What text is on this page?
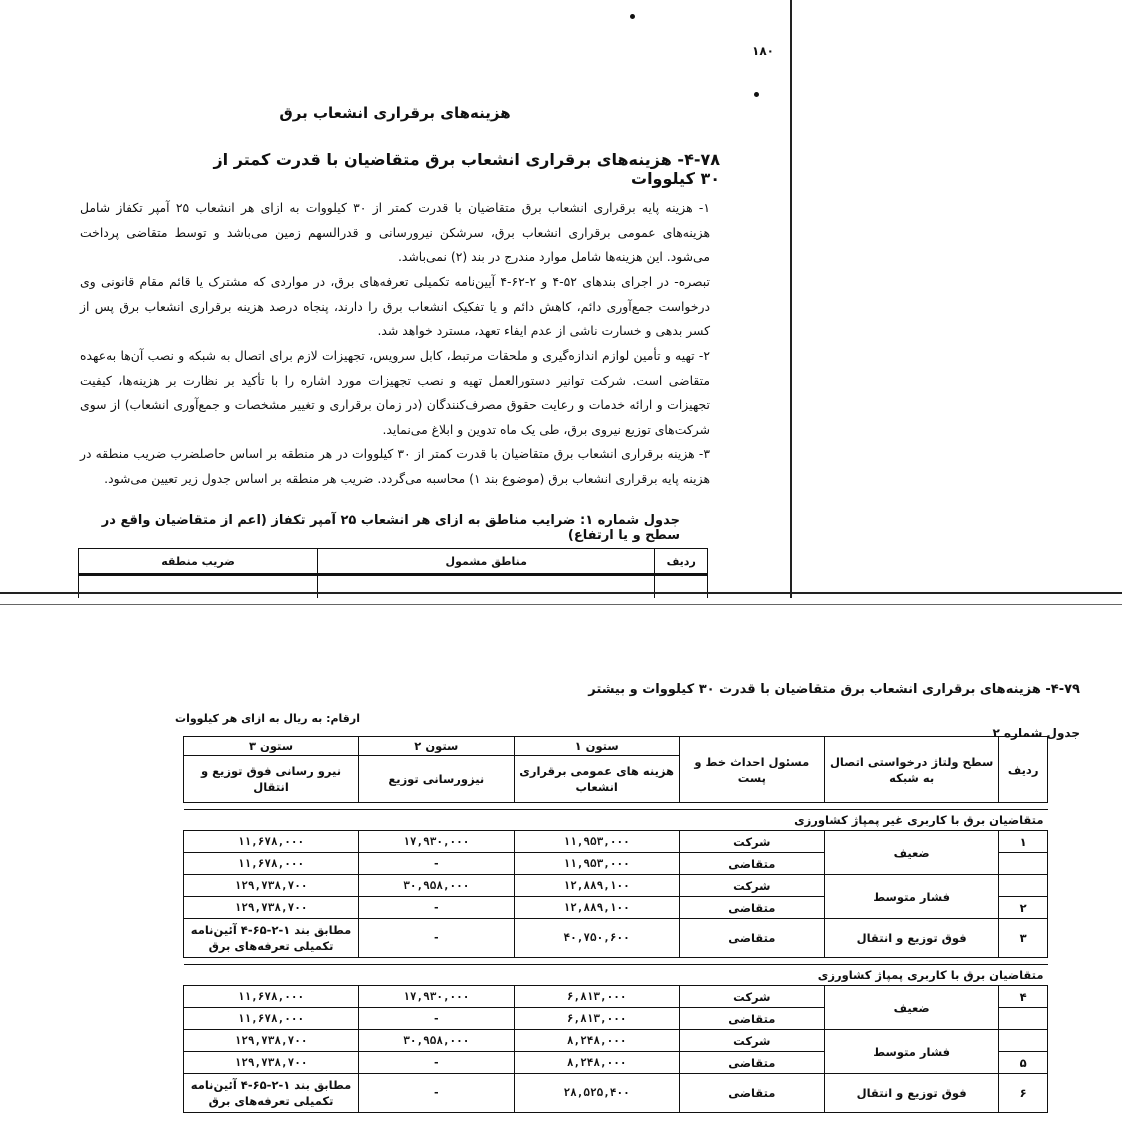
۱۸۰
هزینه‌های برقراری انشعاب برق
۴-۷۸- هزینه‌های برقراری انشعاب برق متقاضیان با قدرت کمتر از ۳۰ کیلووات
۱- هزینه پایه برقراری انشعاب برق متقاضیان با قدرت کمتر از ۳۰ کیلووات به ازای هر انشعاب ۲۵ آمپر تکفاز شامل هزینه‌های عمومی برقراری انشعاب برق، سرشکن نیرورسانی و قدرالسهم زمین می‌باشد و توسط متقاضی پرداخت می‌شود. این هزینه‌ها شامل موارد مندرج در بند (۲) نمی‌باشد.
تبصره- در اجرای بندهای ۵۲-۴ و ۲-۶۲-۴ آیین‌نامه تکمیلی تعرفه‌های برق، در مواردی که مشترک یا قائم مقام قانونی وی درخواست جمع‌آوری دائم، کاهش دائم و یا تفکیک انشعاب برق را دارند، پنجاه درصد هزینه برقراری انشعاب برق پس از کسر بدهی و خسارت ناشی از عدم ایفاء تعهد، مسترد خواهد شد.
۲- تهیه و تأمین لوازم اندازه‌گیری و ملحقات مرتبط، کابل سرویس، تجهیزات لازم برای اتصال به شبکه و نصب آن‌ها به‌عهده متقاضی است. شرکت توانیر دستورالعمل تهیه و نصب تجهیزات مورد اشاره را با تأکید بر نظارت بر هزینه‌ها، کیفیت تجهیزات و ارائه خدمات و رعایت حقوق مصرف‌کنندگان (در زمان برقراری و تغییر مشخصات و جمع‌آوری انشعاب) از سوی شرکت‌های توزیع نیروی برق، طی یک ماه تدوین و ابلاغ می‌نماید.
۳- هزینه برقراری انشعاب برق متقاضیان با قدرت کمتر از ۳۰ کیلووات در هر منطقه بر اساس حاصلضرب ضریب منطقه در هزینه پایه برقراری انشعاب برق (موضوع بند ۱) محاسبه می‌گردد. ضریب هر منطقه بر اساس جدول زیر تعیین می‌شود.
جدول شماره ۱: ضرایب مناطق به ازای هر انشعاب ۲۵ آمپر تکفاز (اعم از متقاضیان واقع در سطح و یا ارتفاع)
ضریب منطقه	مناطق مشمول	ردیف

۴-۷۹- هزینه‌های برقراری انشعاب برق متقاضیان با قدرت ۳۰ کیلووات و بیشتر
ارقام: به ریال به ازای هر کیلووات
جدول شماره ۲
ردیف	سطح ولتاژ درخواستی اتصال به شبکه	مسئول احداث خط و پست	ستون ۱	ستون ۲	ستون ۳
			هزینه های عمومی برقراری انشعاب	نیزورسانی توزیع	نیرو رسانی فوق توزیع و انتقال

متقاضیان برق با کاربری غیر پمپاژ کشاورزی					
۱	ضعیف	شرکت	۱۱,۹۵۳,۰۰۰	۱۷,۹۳۰,۰۰۰	۱۱,۶۷۸,۰۰۰
		متقاضی	۱۱,۹۵۳,۰۰۰	-	۱۱,۶۷۸,۰۰۰
	فشار متوسط	شرکت	۱۲,۸۸۹,۱۰۰	۳۰,۹۵۸,۰۰۰	۱۲۹,۷۳۸,۷۰۰
۲		متقاضی	۱۲,۸۸۹,۱۰۰	-	۱۲۹,۷۳۸,۷۰۰
۳	فوق توزیع و انتقال	متقاضی	۴۰,۷۵۰,۶۰۰	-	مطابق بند ۱-۲-۶۵-۴ آئین‌نامه تکمیلی تعرفه‌های برق

متقاضیان برق با کاربری پمپاژ کشاورزی					
۴	ضعیف	شرکت	۶,۸۱۳,۰۰۰	۱۷,۹۳۰,۰۰۰	۱۱,۶۷۸,۰۰۰
		متقاضی	۶,۸۱۳,۰۰۰	-	۱۱,۶۷۸,۰۰۰
	فشار متوسط	شرکت	۸,۲۴۸,۰۰۰	۳۰,۹۵۸,۰۰۰	۱۲۹,۷۳۸,۷۰۰
۵		متقاضی	۸,۲۴۸,۰۰۰	-	۱۲۹,۷۳۸,۷۰۰
۶	فوق توزیع و انتقال	متقاضی	۲۸,۵۲۵,۴۰۰	-	مطابق بند ۱-۲-۶۵-۴ آئین‌نامه تکمیلی تعرفه‌های برق
